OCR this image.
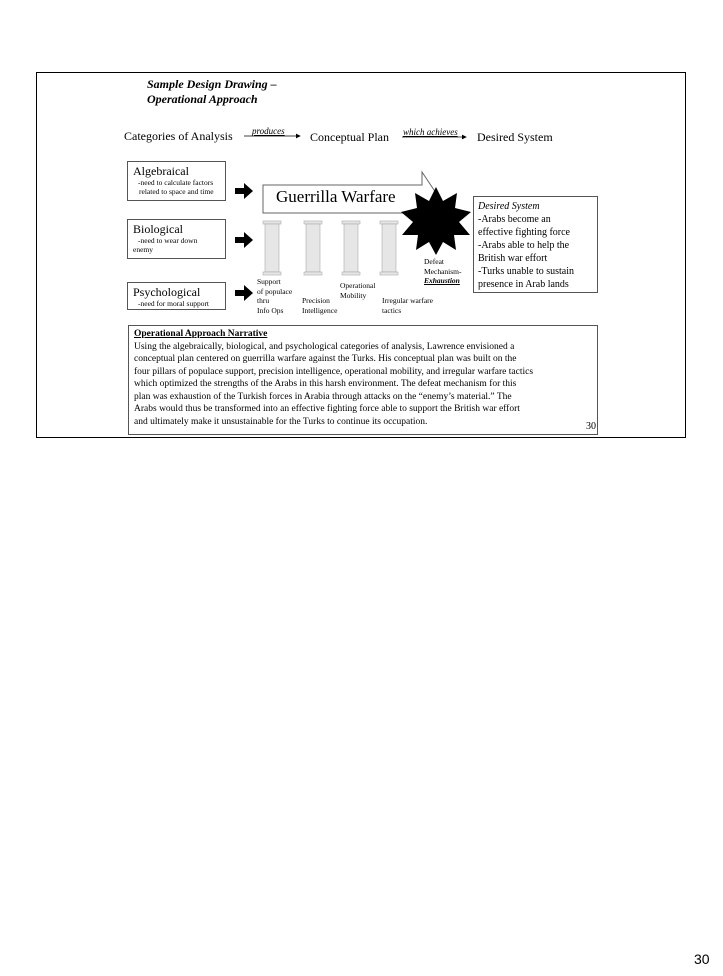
Sample Design Drawing –
Operational Approach
Categories of Analysis produces Conceptual Plan which achieves Desired System
Guerrilla Warfare
Algebraical
-need to calculate factors
related to space and time
Biological
-need to wear down
enemy
Psychological
-need for moral support
Support
of populace
thru
Info Ops
Precision
Intelligence
Operational
Mobility
Irregular warfare
tactics
Defeat
Mechanism-
Exhaustion
Desired System
-Arabs become an
effective fighting force
-Arabs able to help the
British war effort
-Turks unable to sustain
presence in Arab lands
Operational Approach Narrative
Using the algebraically, biological, and psychological categories of analysis, Lawrence envisioned a
conceptual plan centered on guerrilla warfare against the Turks. His conceptual plan was built on the
four pillars of populace support, precision intelligence, operational mobility, and irregular warfare tactics
which optimized the strengths of the Arabs in this harsh environment. The defeat mechanism for this
plan was exhaustion of the Turkish forces in Arabia through attacks on the “enemy’s material.” The
Arabs would thus be transformed into an effective fighting force able to support the British war effort
and ultimately make it unsustainable for the Turks to continue its occupation.	30
30
